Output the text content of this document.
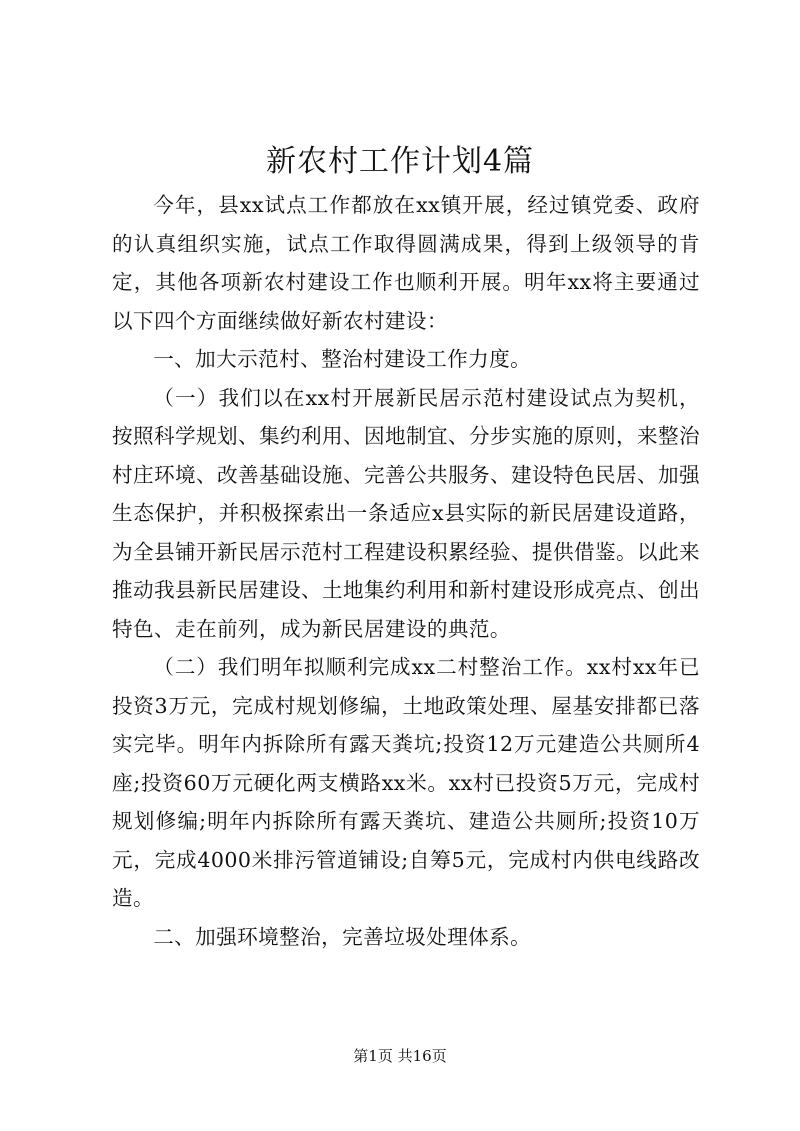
新农村工作计划4篇

今年，县xx试点工作都放在xx镇开展，经过镇党委、政府的认真组织实施，试点工作取得圆满成果，得到上级领导的肯定，其他各项新农村建设工作也顺利开展。明年xx将主要通过以下四个方面继续做好新农村建设：

一、加大示范村、整治村建设工作力度。

（一）我们以在xx村开展新民居示范村建设试点为契机，按照科学规划、集约利用、因地制宜、分步实施的原则，来整治村庄环境、改善基础设施、完善公共服务、建设特色民居、加强生态保护，并积极探索出一条适应x县实际的新民居建设道路，为全县铺开新民居示范村工程建设积累经验、提供借鉴。以此来推动我县新民居建设、土地集约利用和新村建设形成亮点、创出特色、走在前列，成为新民居建设的典范。

（二）我们明年拟顺利完成xx二村整治工作。xx村xx年已投资3万元，完成村规划修编，土地政策处理、屋基安排都已落实完毕。明年内拆除所有露天粪坑;投资12万元建造公共厕所4座;投资60万元硬化两支横路xx米。xx村已投资5万元，完成村规划修编;明年内拆除所有露天粪坑、建造公共厕所;投资10万元，完成4000米排污管道铺设;自筹5元，完成村内供电线路改造。

二、加强环境整治，完善垃圾处理体系。

第1页 共16页
